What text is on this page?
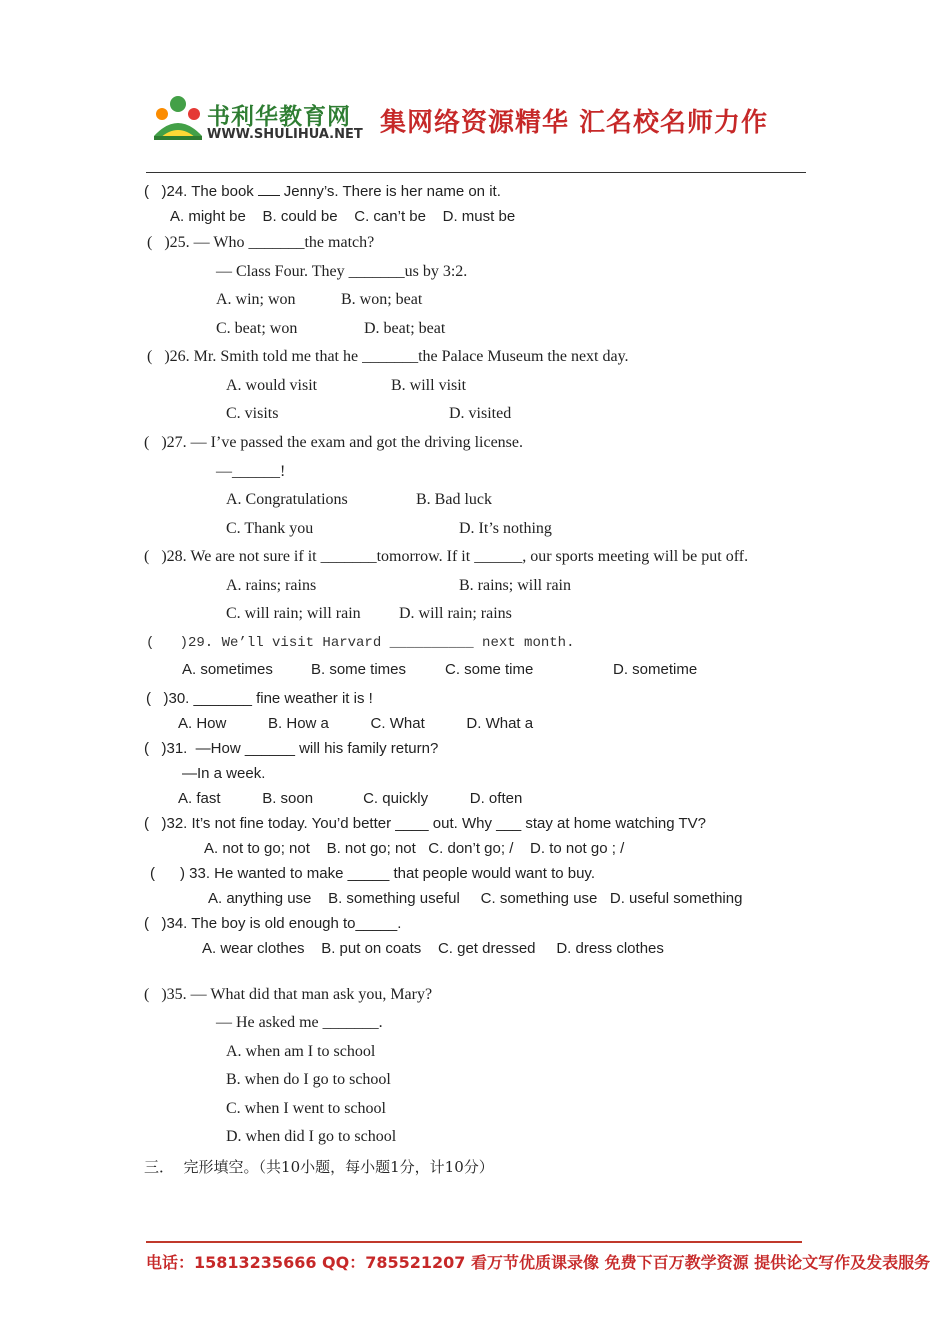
书利华教育网
WWW.SHULIHUA.NET 集网络资源精华 汇名校名师力作
(   )24. The book Jenny’s. There is her name on it.
A. might be    B. could be    C. can’t be    D. must be
(   )25. — Who _______the match?
— Class Four. They _______us by 3:2.
A. win; won	B. won; beat
C. beat; won	D. beat; beat
(   )26. Mr. Smith told me that he _______the Palace Museum the next day.
A. would visit	B. will visit
C. visits	D. visited
(   )27. — I’ve passed the exam and got the driving license.
—______!
A. Congratulations	B. Bad luck
C. Thank you	D. It’s nothing
(   )28. We are not sure if it _______tomorrow. If it ______, our sports meeting will be put off.
A. rains; rains	B. rains; will rain
C. will rain; will rain D. will rain; rains
(   )29. We’ll visit Harvard __________ next month.
A. sometimes	B. some times	C. some time	D. sometime
(   )30. _______ fine weather it is !
A. How          B. How a          C. What          D. What a
(   )31.  —How ______ will his family return?
—In a week.
A. fast          B. soon            C. quickly          D. often
(   )32. It’s not fine today. You’d better ____ out. Why ___ stay at home watching TV?
A. not to go; not    B. not go; not   C. don’t go; /    D. to not go ; /
(      ) 33. He wanted to make _____ that people would want to buy.
A. anything use    B. something useful     C. something use   D. useful something
(   )34. The boy is old enough to_____.
A. wear clothes    B. put on coats    C. get dressed     D. dress clothes
(   )35. — What did that man ask you, Mary?
— He asked me _______.
A. when am I to school
B. when do I go to school
C. when I went to school
D. when did I go to school
三．  完形填空。（共10小题，每小题1分，计10分）
电话：15813235666 QQ：785521207 看万节优质课录像 免费下百万教学资源 提供论文写作及发表服务
